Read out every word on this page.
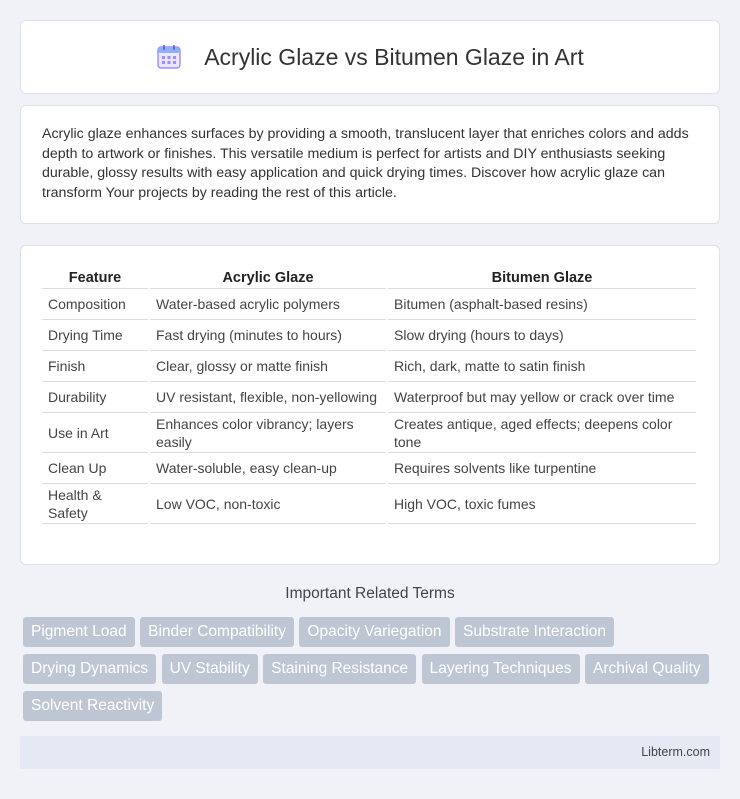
Acrylic Glaze vs Bitumen Glaze in Art

Acrylic glaze enhances surfaces by providing a smooth, translucent layer that enriches colors and adds depth to artwork or finishes. This versatile medium is perfect for artists and DIY enthusiasts seeking durable, glossy results with easy application and quick drying times. Discover how acrylic glaze can transform Your projects by reading the rest of this article.

Feature	Acrylic Glaze	Bitumen Glaze
Composition	Water-based acrylic polymers	Bitumen (asphalt-based resins)
Drying Time	Fast drying (minutes to hours)	Slow drying (hours to days)
Finish	Clear, glossy or matte finish	Rich, dark, matte to satin finish
Durability	UV resistant, flexible, non-yellowing	Waterproof but may yellow or crack over time
Use in Art	Enhances color vibrancy; layers easily	Creates antique, aged effects; deepens color tone
Clean Up	Water-soluble, easy clean-up	Requires solvents like turpentine
Health & Safety	Low VOC, non-toxic	High VOC, toxic fumes
Important Related Terms
Pigment Load Binder Compatibility Opacity Variegation Substrate Interaction Drying Dynamics UV Stability Staining Resistance Layering Techniques Archival Quality Solvent Reactivity
Libterm.com
